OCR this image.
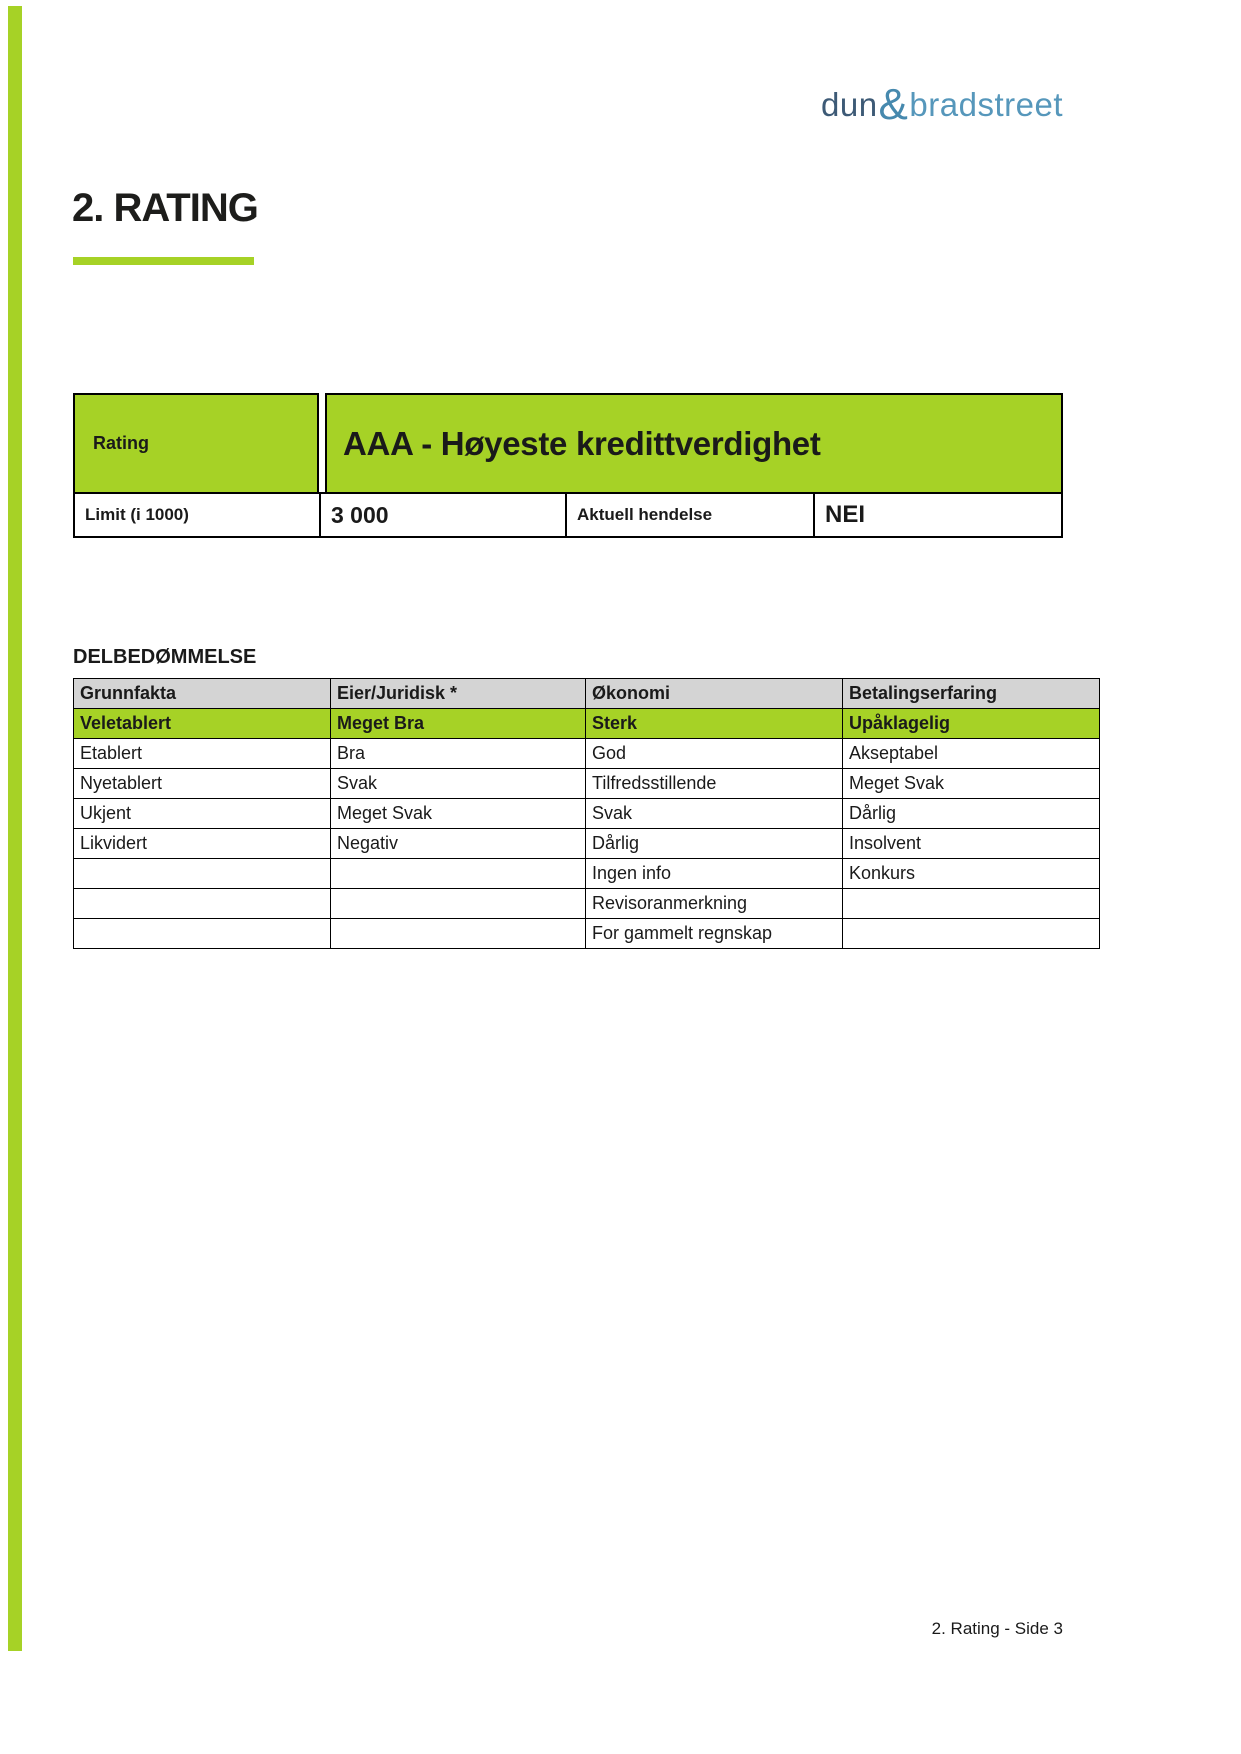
dun&bradstreet
2. RATING
Rating	AAA - Høyeste kredittverdighet
Limit (i 1000)	3 000	Aktuell hendelse	NEI
DELBEDØMMELSE
Grunnfakta	Eier/Juridisk *	Økonomi	Betalingserfaring
Veletablert	Meget Bra	Sterk	Upåklagelig
Etablert	Bra	God	Akseptabel
Nyetablert	Svak	Tilfredsstillende	Meget Svak
Ukjent	Meget Svak	Svak	Dårlig
Likvidert	Negativ	Dårlig	Insolvent
		Ingen info	Konkurs
		Revisoranmerkning	
		For gammelt regnskap	
2. Rating - Side 3
